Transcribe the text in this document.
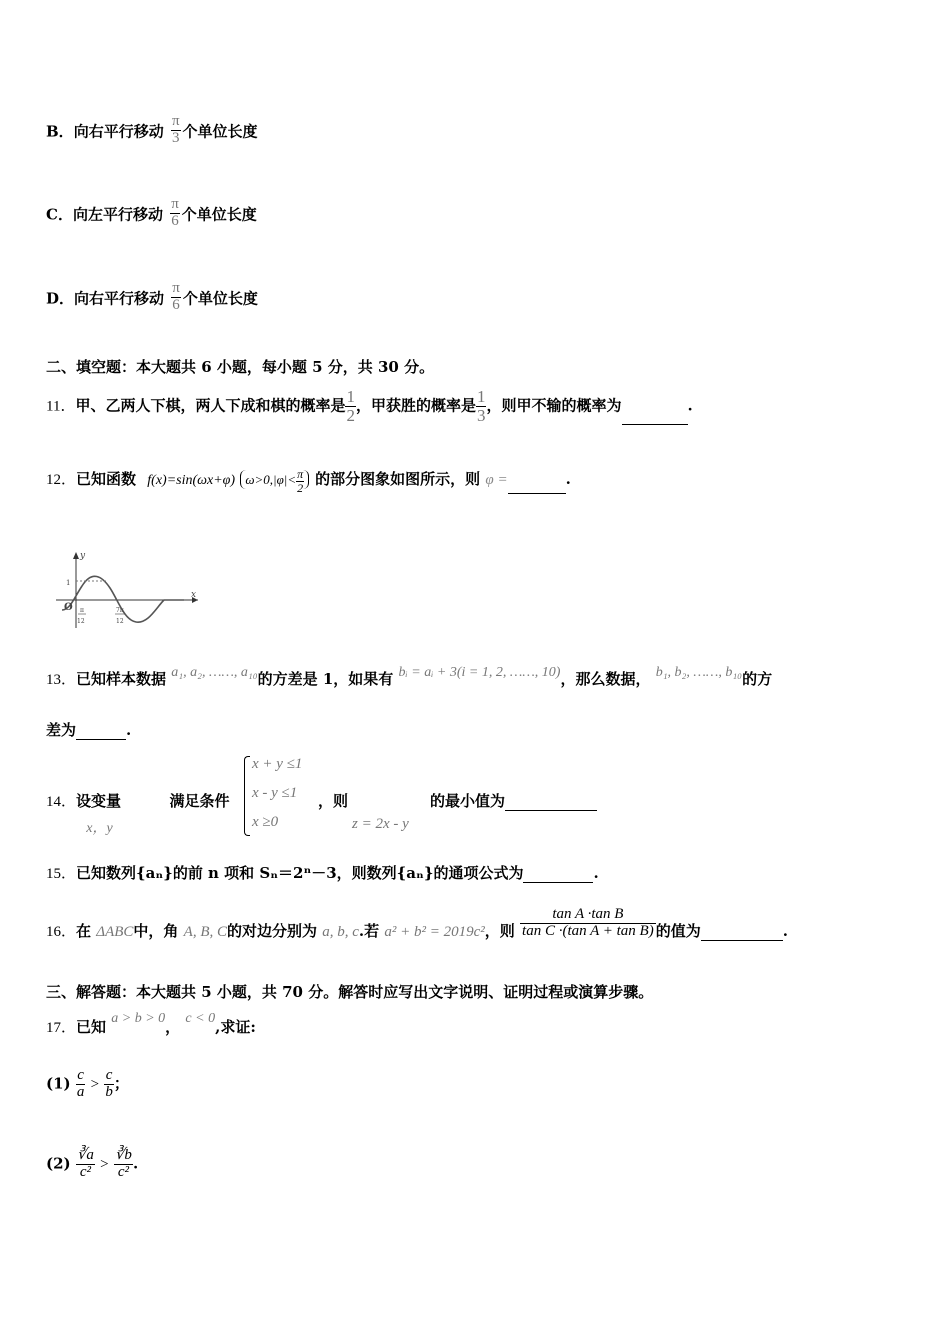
B．向右平行移动 $\frac{\pi}{3}$ 个单位长度
C．向左平行移动 $\frac{\pi}{6}$ 个单位长度
D．向右平行移动 $\frac{\pi}{6}$ 个单位长度
二、填空题：本大题共 6 小题，每小题 5 分，共 30 分。
11．甲、乙两人下棋，两人下成和棋的概率是 $\frac{1}{2}$ ，甲获胜的概率是 $\frac{1}{3}$ ，则甲不输的概率为	.
12．已知函数 f(x)=sin(ωx+φ) $\omega>0,|\varphi|< \frac{\pi}{2}$ 的部分图象如图所示，则 φ =	.
y
x
O
1
π
12
7π
12
13．已知样本数据 a₁, a₂, ……, a₁₀的方差是 1，如果有 bᵢ = aᵢ + 3(i = 1, 2, ……, 10)，那么数据， b₁, b₂, ……, b₁₀的方
差为	.
14．设变量 x，y 满足条件
x + y ≤1
x - y ≤1
x ≥0
，则
z = 2x - y
的最小值为
15．已知数列{aₙ}的前 n 项和 Sₙ＝2ⁿ－3，则数列{aₙ}的通项公式为	.
16．在 ΔABC中，角 A, B, C的对边分别为 a, b, c.若 a² + b² = 2019c²，则 $\frac{\text{tan A ·tan B}}{\text{tan C ·(tan A + tan B)}}$ 的值为	.
三、解答题：本大题共 5 小题，共 70 分。解答时应写出文字说明、证明过程或演算步骤。
17．已知 a > b > 0， c < 0,求证:
$(1) \frac{c}{a} > \frac{c}{b}$ ；
$(2) \frac{∛a}{\text{c²}} > \frac{∛b}{\text{c²}}$ .
